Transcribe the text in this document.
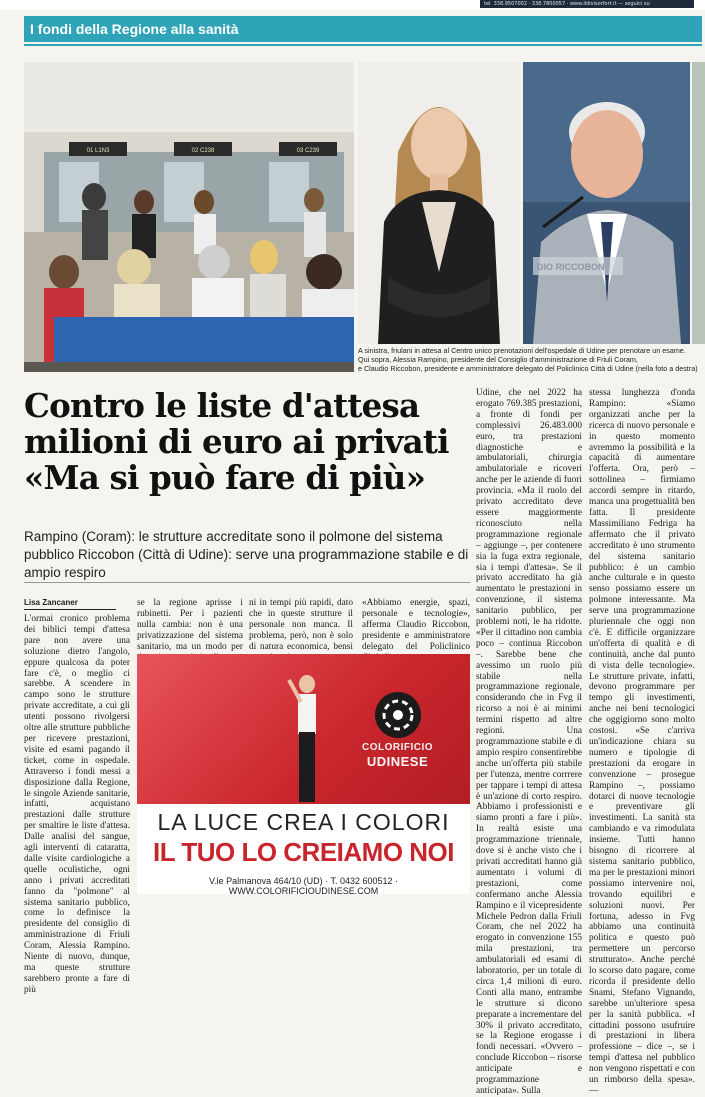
tel. 338.9507002 · 338.7800057 · www.ildivisorfort.it — seguici su
I fondi della Regione alla sanità
01 L1N3	02 C238	03 C239
DIO RICCOBON
A sinistra, friulani in attesa al Centro unico prenotazioni dell'ospedale di Udine per prenotare un esame.
Qui sopra, Alessia Rampino, presidente del Consiglio d'amministrazione di Friuli Coram,
e Claudio Riccobon, presidente e amministratore delegato del Policlinico Città di Udine (nella foto a destra)
Contro le liste d'attesa
milioni di euro ai privati
«Ma si può fare di più»
Rampino (Coram): le strutture accreditate sono il polmone del sistema pubblico Riccobon (Città di Udine): serve una programmazione stabile e di ampio respiro
Lisa Zancaner
L'ormai cronico problema dei biblici tempi d'attesa pare non avere una soluzione dietro l'angolo, eppure qualcosa da poter fare c'è, o meglio ci sarebbe. A scendere in campo sono le strutture private accreditate, a cui gli utenti possono rivolgersi oltre alle strutture pubbliche per ricevere prestazioni, visite ed esami pagando il ticket, come in ospedale. Attraverso i fondi messi a disposizione dalla Regione, le singole Aziende sanitarie, infatti, acquistano prestazioni dalle strutture per smaltire le liste d'attesa. Dalle analisi del sangue, agli interventi di cataratta, dalle visite cardiologiche a quelle oculistiche, ogni anno i privati accreditati fanno da "polmone" al sistema sanitario pubblico, come lo definisce la presidente del consiglio di amministrazione di Friuli Coram, Alessia Rampino. Niente di nuovo, dunque, ma queste strutture sarebbero pronte a fare di più
se la regione aprisse i rubinetti. Per i pazienti nulla cambia: non è una privatizzazione del sistema sanitario, ma un modo per
ni in tempi più rapidi, dato che in queste strutture il personale non manca. Il problema, però, non è solo di natura economica, bensì
«Abbiamo energie, spazi, personale e tecnologie», afferma Claudio Riccobon, presidente e amministratore delegato del Policlinico
Udine, che nel 2022 ha erogato 769.385 prestazioni, a fronte di fondi per complessivi 26.483.000 euro, tra prestazioni diagnostiche e ambulatoriali, chirurgia ambulatoriale e ricoveri anche per le aziende di fuori provincia. «Ma il ruolo del privato accreditato deve essere maggiormente riconosciuto nella programmazione regionale – aggiunge –, per contenere sia la fuga extra regionale, sia i tempi d'attesa». Se il privato accreditato ha già aumentato le prestazioni in convenzione, il sistema sanitario pubblico, per problemi noti, le ha ridotte. «Per il cittadino non cambia poco – continua Riccobon –. Sarebbe bene che avessimo un ruolo più stabile nella programmazione regionale, considerando che in Fvg il ricorso a noi è ai minimi termini rispetto ad altre regioni. Una programmazione stabile e di ampio respiro consentirebbe anche un'offerta più stabile per l'utenza, mentre corrrere per tappare i tempi di attesa è un'azione di corto respiro. Abbiamo i professionisti e siamo pronti a fare i più». In realtà esiste una programmazione triennale, dove si è anche visto che i privati accreditati hanno già aumentato i volumi di prestazioni, come confermano anche Alessia Rampino e il vicepresidente Michele Pedron dalla Friuli Coram, che nel 2022 ha erogato in convenzione 155 mila prestazioni, tra ambulatoriali ed esami di laboratorio, per un totale di circa 1,4 milioni di euro. Conti alla mano, entrambe le strutture si dicono preparate a incrementare del 30% il privato accreditato, se la Regione erogasse i fondi necessari. «Ovvero – conclude Riccobon – risorse anticipate e programmazione anticipata». Sulla
stessa lunghezza d'onda Rampino: «Siamo organizzati anche per la ricerca di nuovo personale e in questo momento avremmo la possibilità e la capacità di aumentare l'offerta. Ora, però – sottolinea – firmiamo accordi sempre in ritardo, manca una progettualità ben fatta. Il presidente Massimiliano Fedriga ha affermato che il privato accreditato è uno strumento del sistema sanitario pubblico: è un cambio anche culturale e in questo senso possiamo essere un polmone interessante. Ma serve una programmazione pluriennale che oggi non c'è. E difficile organizzare un'offerta di qualità e di continuità, anche dal punto di vista delle tecnologie». Le strutture private, infatti, devono programmare per tempo gli investimenti, anche nei beni tecnologici che oggigiorno sono molto costosi. «Se c'arriva un'indicazione chiara su numero e tipologie di prestazioni da erogare in convenzione – prosegue Rampino –, possiamo dotarci di nuove tecnologie e preventivare gli investimenti. La sanità sta cambiando e va rimodulata insieme. Tutti hanno bisogno di ricorrere al sistema sanitario pubblico, ma per le prestazioni minori possiamo intervenire noi, trovando equilibri e soluzioni nuovi. Per fortuna, adesso in Fvg abbiamo una continuità politica e questo può permettere un percorso strutturato». Anche perché lo scorso dato pagare, come ricorda il presidente dello Snami, Stefano Vignando, sarebbe un'ulteriore spesa per la sanità pubblica. «I cittadini possono usufruire di prestazioni in libera professione – dice –, se i tempi d'attesa nel pubblico non vengono rispettati e con un rimborso della spesa». —
COLORIFICIO
UDINESE
LA LUCE CREA I COLORI
IL TUO LO CREIAMO NOI
V.le Palmanova 464/10 (UD) · T. 0432 600512 · WWW.COLORIFICIOUDINESE.COM
